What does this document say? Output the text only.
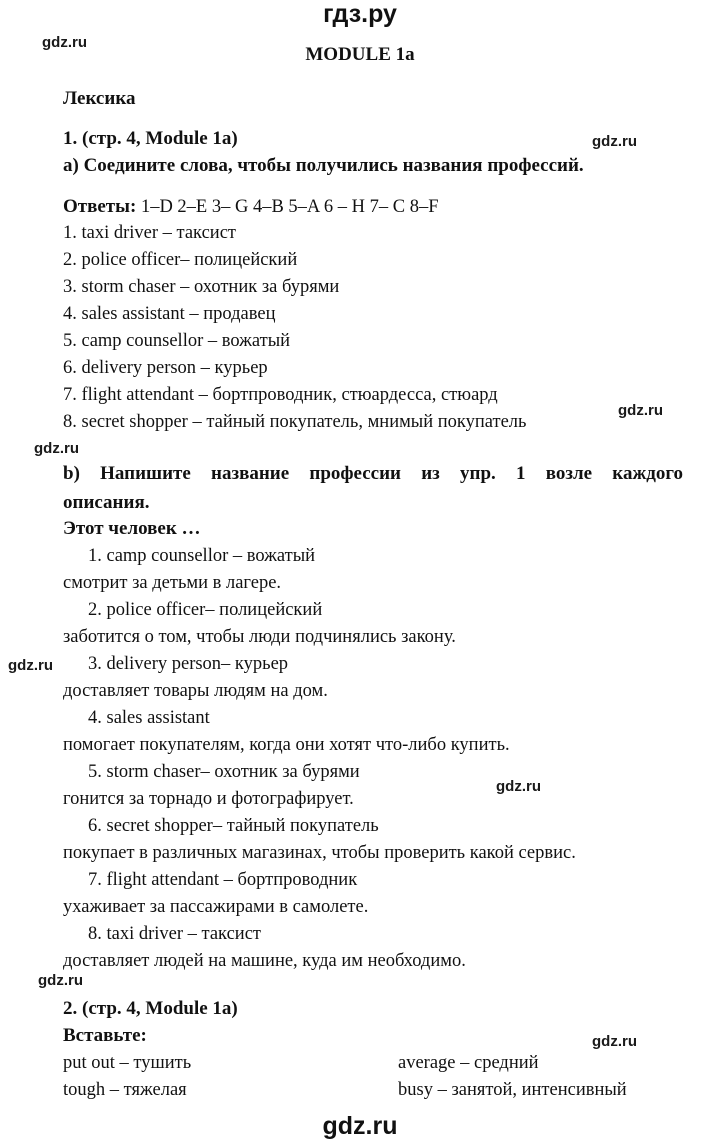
гдз.ру
gdz.ru
MODULE 1a
Лексика
1. (стр. 4, Module 1a)	gdz.ru
a) Соедините слова, чтобы получились названия профессий.
Ответы: 1–D 2–E 3– G 4–B 5–A 6 – H 7– C 8–F
1. taxi driver – таксист
2. police officer– полицейский
3. storm chaser – охотник за бурями
4. sales assistant – продавец
5. camp counsellor – вожатый
6. delivery person – курьер
7. flight attendant – бортпроводник, стюардесса, стюард
8. secret shopper – тайный покупатель, мнимый покупатель
gdz.ru
gdz.ru
b) Напишите название профессии из упр. 1 возле каждого
описания.
Этот человек …
1. camp counsellor – вожатый
смотрит за детьми в лагере.
2. police officer– полицейский
заботится о том, чтобы люди подчинялись закону.
gdz.ru 3. delivery person– курьер
доставляет товары людям на дом.
4. sales assistant
помогает покупателям, когда они хотят что-либо купить.
5. storm chaser– охотник за бурями
gdz.ru
гонится за торнадо и фотографирует.
6. secret shopper– тайный покупатель
покупает в различных магазинах, чтобы проверить какой сервис.
7. flight attendant – бортпроводник
ухаживает за пассажирами в самолете.
8. taxi driver – таксист
доставляет людей на машине, куда им необходимо.
gdz.ru
2. (стр. 4, Module 1a)
Вставьте:	gdz.ru
put out – тушить	average – средний
tough – тяжелая	busy – занятой, интенсивный
gdz.ru
